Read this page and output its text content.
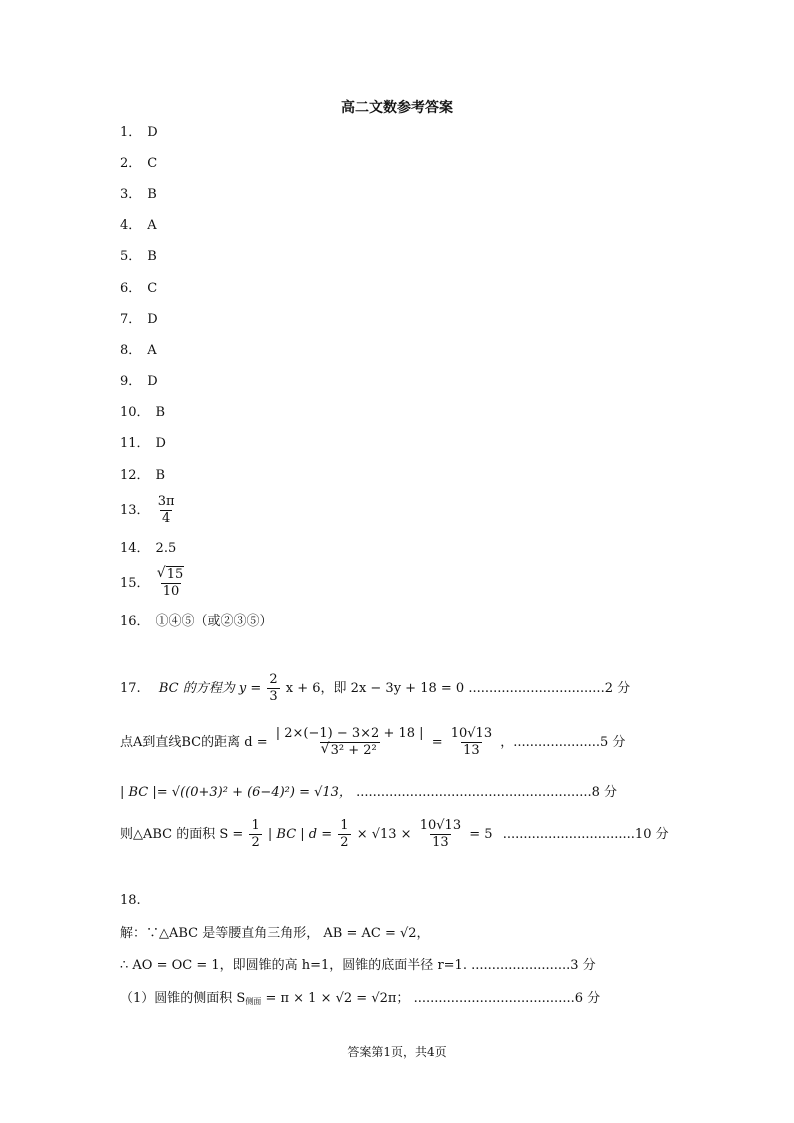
高二文数参考答案
1． D
2． C
3． B
4． A
5． B
6． C
7． D
8． A
9． D
10． B
11． D
12． B
13． $\frac{3\pi}{4}$
14． 2.5
15．
√ $\frac{15}{10}$
16． ①④⑤（或②③⑤）
17. BC 的方程为 $y = \frac{2}{3}$ x + 6，即 2x − 3y + 18 = 0 .................................2 分
点A到直线BC的距离 d = | 2×(−1) − 3×2 + 18 |
√ $3^2 + 2^2 = \frac{10√13}{13}$ ，.....................5 分
| BC |= √((0+3)² + (6−4)²) = √13， .........................................................8 分
则△ABC 的面积 $S = \frac{1}{2}$ | BC | $d = \frac{1}{2} \times √13 \times \frac{10√13}{13} = 5$ ................................10 分
18.
解：∵△ABC 是等腰直角三角形， AB = AC = √2，
∴ AO = OC = 1，即圆锥的高 h=1，圆锥的底面半径 r=1. ........................3 分
（1）圆锥的侧面积 $S_{侧面} = \pi \times 1 \times √2 = √2\pi$； .......................................6 分
答案第1页，共4页
